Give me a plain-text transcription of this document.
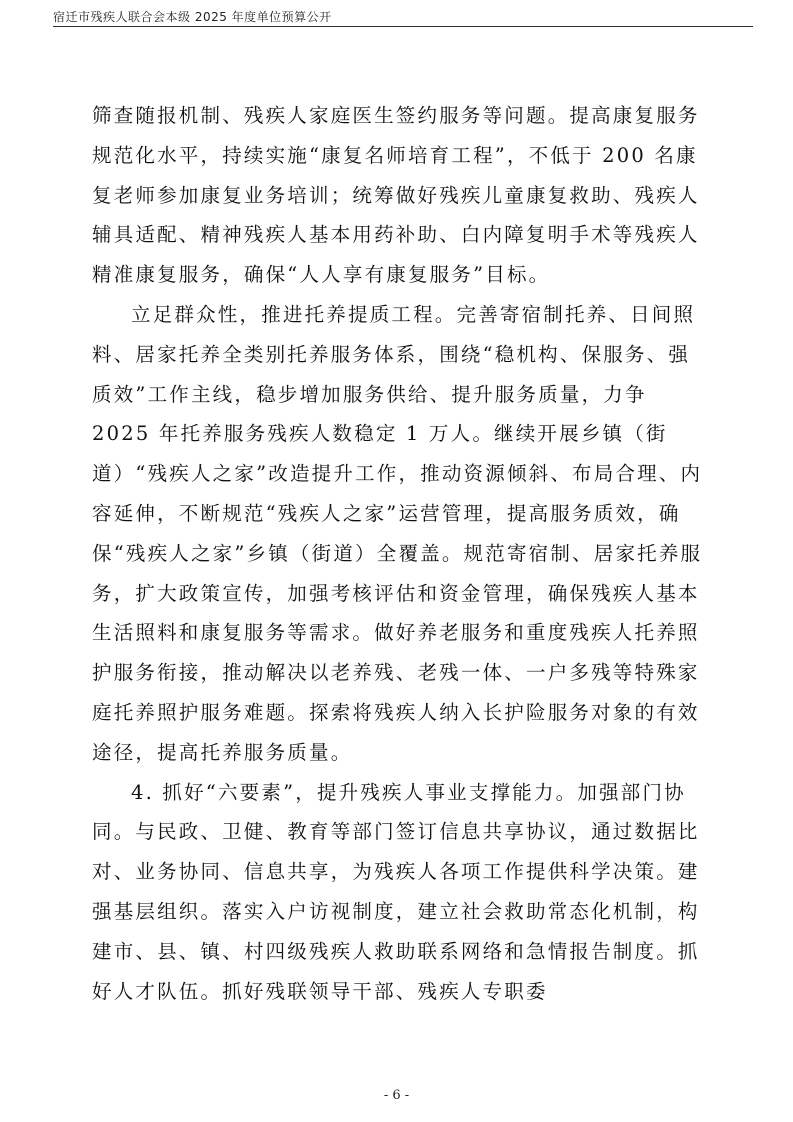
宿迁市残疾人联合会本级 2025 年度单位预算公开

筛查随报机制、残疾人家庭医生签约服务等问题。提高康复服务规范化水平，持续实施“康复名师培育工程”，不低于 200 名康复老师参加康复业务培训；统筹做好残疾儿童康复救助、残疾人辅具适配、精神残疾人基本用药补助、白内障复明手术等残疾人精准康复服务，确保“人人享有康复服务”目标。

立足群众性，推进托养提质工程。完善寄宿制托养、日间照料、居家托养全类别托养服务体系，围绕“稳机构、保服务、强质效”工作主线，稳步增加服务供给、提升服务质量，力争 2025 年托养服务残疾人数稳定 1 万人。继续开展乡镇（街道）“残疾人之家”改造提升工作，推动资源倾斜、布局合理、内容延伸，不断规范“残疾人之家”运营管理，提高服务质效，确保“残疾人之家”乡镇（街道）全覆盖。规范寄宿制、居家托养服务，扩大政策宣传，加强考核评估和资金管理，确保残疾人基本生活照料和康复服务等需求。做好养老服务和重度残疾人托养照护服务衔接，推动解决以老养残、老残一体、一户多残等特殊家庭托养照护服务难题。探索将残疾人纳入长护险服务对象的有效途径，提高托养服务质量。

4. 抓好“六要素”，提升残疾人事业支撑能力。加强部门协同。与民政、卫健、教育等部门签订信息共享协议，通过数据比对、业务协同、信息共享，为残疾人各项工作提供科学决策。建强基层组织。落实入户访视制度，建立社会救助常态化机制，构建市、县、镇、村四级残疾人救助联系网络和急情报告制度。抓好人才队伍。抓好残联领导干部、残疾人专职委

- 6 -
